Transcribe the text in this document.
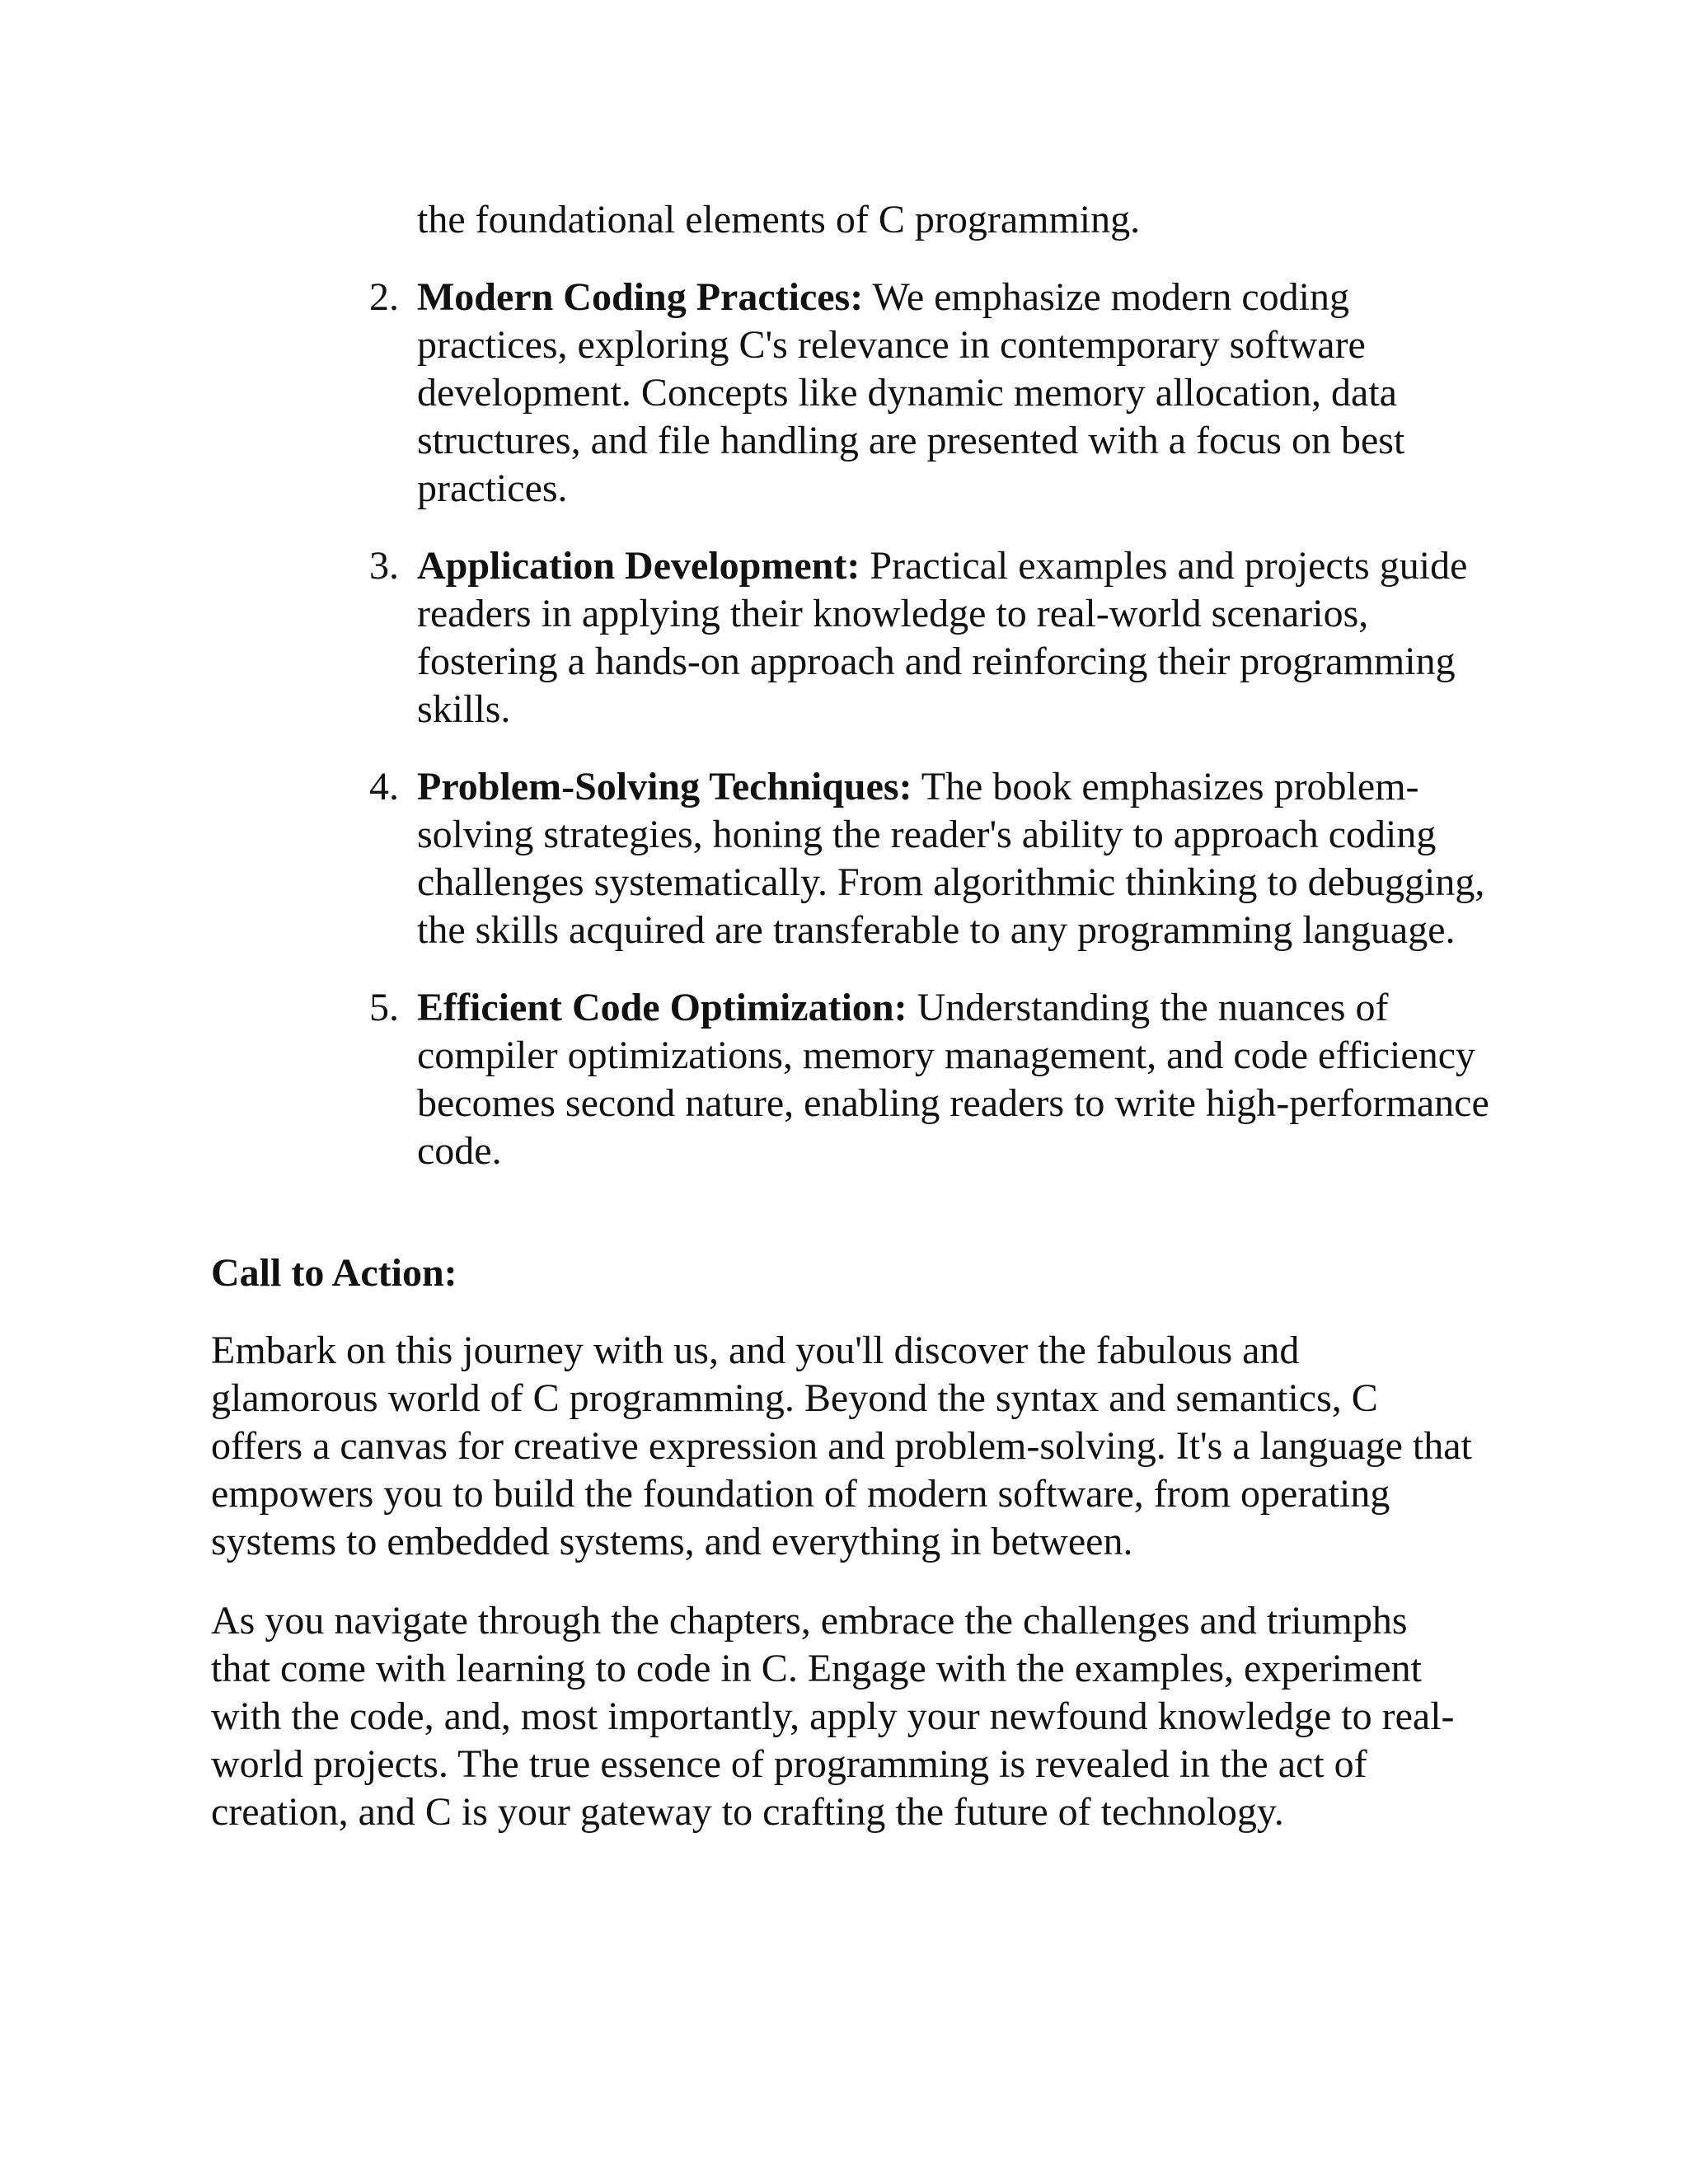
the foundational elements of C programming.
2. Modern Coding Practices: We emphasize modern coding practices, exploring C's relevance in contemporary software development. Concepts like dynamic memory allocation, data structures, and file handling are presented with a focus on best practices.
3. Application Development: Practical examples and projects guide readers in applying their knowledge to real-world scenarios, fostering a hands-on approach and reinforcing their programming skills.
4. Problem-Solving Techniques: The book emphasizes problem-solving strategies, honing the reader's ability to approach coding challenges systematically. From algorithmic thinking to debugging, the skills acquired are transferable to any programming language.
5. Efficient Code Optimization: Understanding the nuances of compiler optimizations, memory management, and code efficiency becomes second nature, enabling readers to write high-performance code.
Call to Action:

Embark on this journey with us, and you'll discover the fabulous and glamorous world of C programming. Beyond the syntax and semantics, C offers a canvas for creative expression and problem-solving. It's a language that empowers you to build the foundation of modern software, from operating systems to embedded systems, and everything in between.

As you navigate through the chapters, embrace the challenges and triumphs that come with learning to code in C. Engage with the examples, experiment with the code, and, most importantly, apply your newfound knowledge to real-world projects. The true essence of programming is revealed in the act of creation, and C is your gateway to crafting the future of technology.
